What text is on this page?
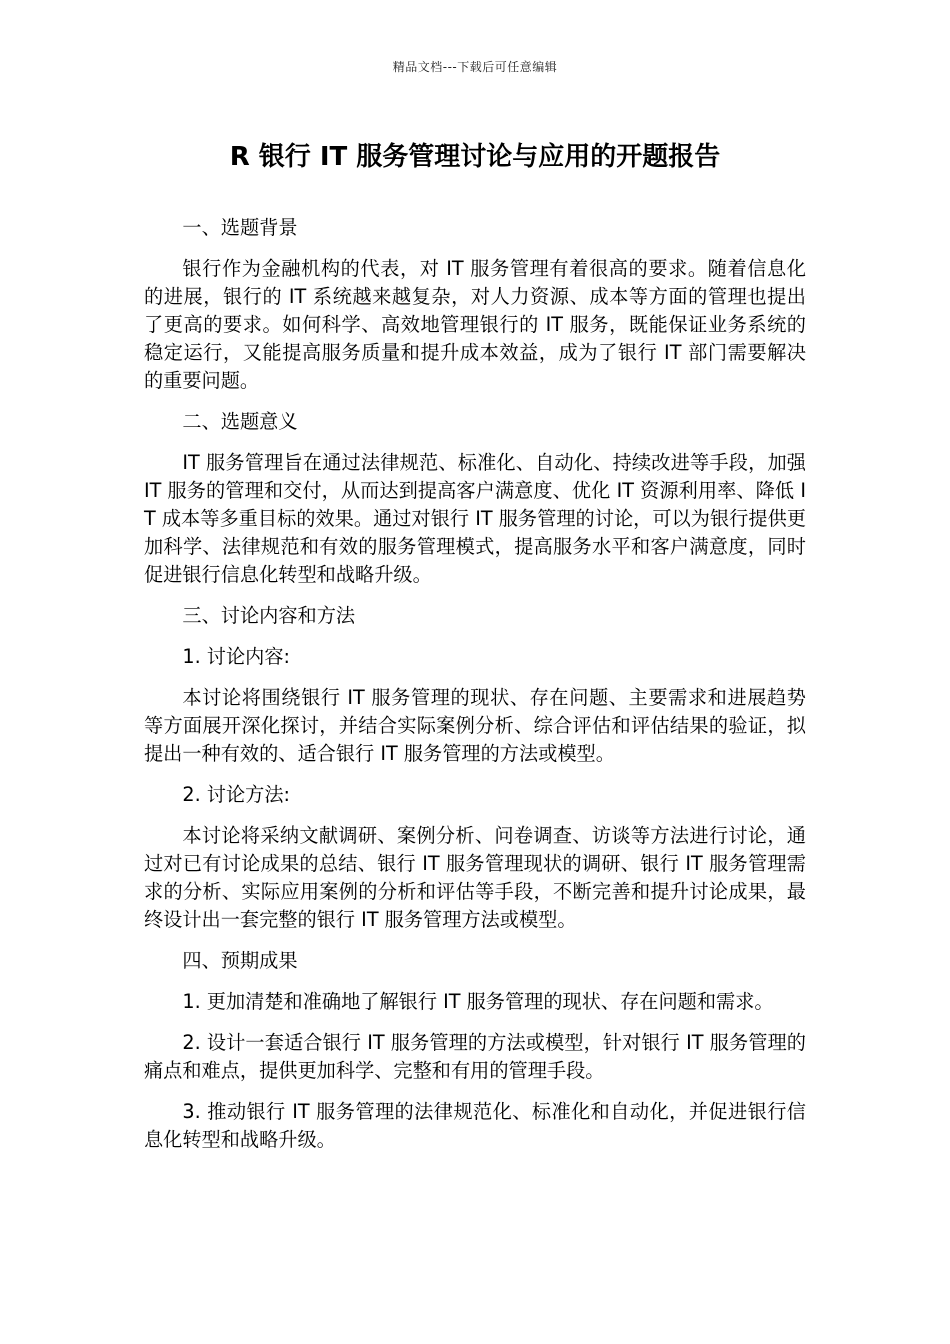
精品文档---下载后可任意编辑
R 银行 IT 服务管理讨论与应用的开题报告

一、选题背景

银行作为金融机构的代表，对 IT 服务管理有着很高的要求。随着信息化的进展，银行的 IT 系统越来越复杂，对人力资源、成本等方面的管理也提出了更高的要求。如何科学、高效地管理银行的 IT 服务，既能保证业务系统的稳定运行，又能提高服务质量和提升成本效益，成为了银行 IT 部门需要解决的重要问题。

二、选题意义

IT 服务管理旨在通过法律规范、标准化、自动化、持续改进等手段，加强 IT 服务的管理和交付，从而达到提高客户满意度、优化 IT 资源利用率、降低 IT 成本等多重目标的效果。通过对银行 IT 服务管理的讨论，可以为银行提供更加科学、法律规范和有效的服务管理模式，提高服务水平和客户满意度，同时促进银行信息化转型和战略升级。

三、讨论内容和方法

1. 讨论内容:

本讨论将围绕银行 IT 服务管理的现状、存在问题、主要需求和进展趋势等方面展开深化探讨，并结合实际案例分析、综合评估和评估结果的验证，拟提出一种有效的、适合银行 IT 服务管理的方法或模型。

2. 讨论方法:

本讨论将采纳文献调研、案例分析、问卷调查、访谈等方法进行讨论，通过对已有讨论成果的总结、银行 IT 服务管理现状的调研、银行 IT 服务管理需求的分析、实际应用案例的分析和评估等手段，不断完善和提升讨论成果，最终设计出一套完整的银行 IT 服务管理方法或模型。

四、预期成果

1. 更加清楚和准确地了解银行 IT 服务管理的现状、存在问题和需求。

2. 设计一套适合银行 IT 服务管理的方法或模型，针对银行 IT 服务管理的痛点和难点，提供更加科学、完整和有用的管理手段。

3. 推动银行 IT 服务管理的法律规范化、标准化和自动化，并促进银行信息化转型和战略升级。
